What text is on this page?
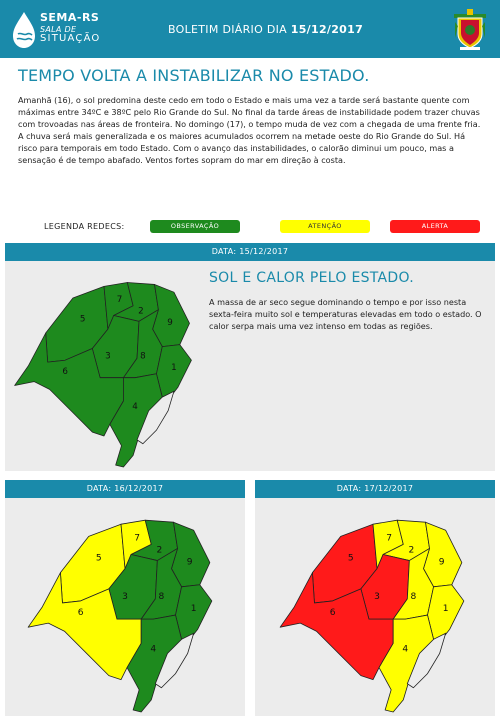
SEMA-RS
SALA DE
SITUAÇÃO
BOLETIM DIÁRIO DIA 15/12/2017
TEMPO VOLTA A INSTABILIZAR NO ESTADO.

Amanhã (16), o sol predomina deste cedo em todo o Estado e mais uma vez a tarde será bastante quente com máximas entre 34ºC e 38ºC pelo Rio Grande do Sul. No final da tarde áreas de instabilidade podem trazer chuvas com trovoadas nas áreas de fronteira. No domingo (17), o tempo muda de vez com a chegada de uma frente fria. A chuva será mais generalizada e os maiores acumulados ocorrem na metade oeste do Rio Grande do Sul. Há risco para temporais em todo Estado. Com o avanço das instabilidades, o calorão diminui um pouco, mas a sensação é de tempo abafado. Ventos fortes sopram do mar em direção à costa.

LEGENDA REDECS:	OBSERVAÇÃO	ATENÇÃO	ALERTA
DATA: 15/12/2017
5
7
2
9
3	8
1
6
4
SOL E CALOR PELO ESTADO.

A massa de ar seco segue dominando o tempo e por isso nesta sexta-feira muito sol e temperaturas elevadas em todo o estado. O calor serpa mais uma vez intenso em todas as regiões.

DATA: 16/12/2017
5
7
2
9
3	8
1
6
4
DATA: 17/12/2017
5
7
2
9
3	8
1
6
4
